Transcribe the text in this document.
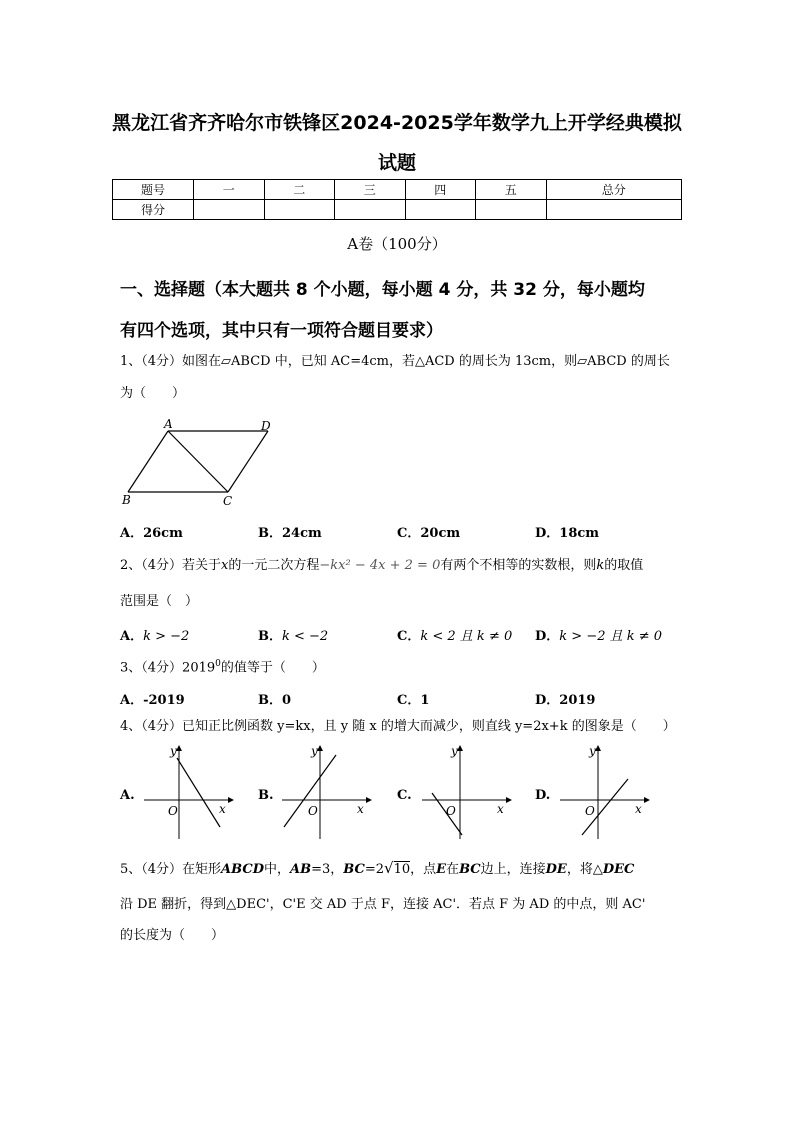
黑龙江省齐齐哈尔市铁锋区2024-2025学年数学九上开学经典模拟
试题
题号	一	二	三	四	五	总分
得分						
A卷（100分）
一、选择题（本大题共 8 个小题，每小题 4 分，共 32 分，每小题均
有四个选项，其中只有一项符合题目要求）
1、（4分）如图在▱ABCD 中，已知 AC=4cm，若△ACD 的周长为 13cm，则▱ABCD 的周长
为（　　）
A	D
B	C
A．26cm	B．24cm	C．20cm	D．18cm
2、（4分）若关于x的一元二次方程−kx² − 4x + 2 = 0有两个不相等的实数根，则k的取值
范围是（　）
A．k > −2	B．k < −2	C．k < 2 且 k ≠ 0 D．k > −2 且 k ≠ 0
3、（4分）2019$^0$的值等于（　　）
A．-2019	B．0	C．1	D．2019
4、（4分）已知正比例函数 y=kx，且 y 随 x 的增大而减少，则直线 y=2x+k 的图象是（　　）
A.	B.	C.	D.
y
x
O
y
x
O
y
x
O
y
x
O
5、（4分）在矩形ABCD中，AB=3，BC=2√10，点E在BC边上，连接DE，将△DEC
沿 DE 翻折，得到△DEC'，C'E 交 AD 于点 F，连接 AC'．若点 F 为 AD 的中点，则 AC'
的长度为（　　）
